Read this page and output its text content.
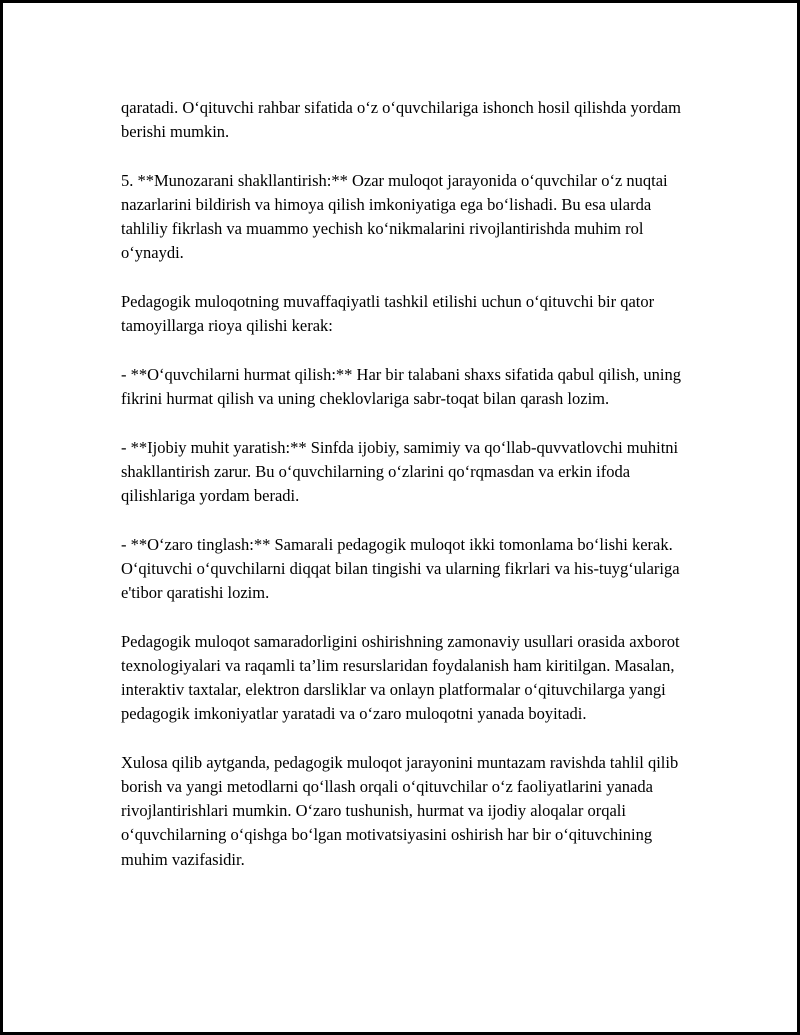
qaratadi. O‘qituvchi rahbar sifatida o‘z o‘quvchilariga ishonch hosil qilishda yordam berishi mumkin.

5. **Munozarani shakllantirish:** Ozar muloqot jarayonida o‘quvchilar o‘z nuqtai nazarlarini bildirish va himoya qilish imkoniyatiga ega bo‘lishadi. Bu esa ularda tahliliy fikrlash va muammo yechish ko‘nikmalarini rivojlantirishda muhim rol o‘ynaydi.

Pedagogik muloqotning muvaffaqiyatli tashkil etilishi uchun o‘qituvchi bir qator tamoyillarga rioya qilishi kerak:

- **O‘quvchilarni hurmat qilish:** Har bir talabani shaxs sifatida qabul qilish, uning fikrini hurmat qilish va uning cheklovlariga sabr-toqat bilan qarash lozim.

- **Ijobiy muhit yaratish:** Sinfda ijobiy, samimiy va qo‘llab-quvvatlovchi muhitni shakllantirish zarur. Bu o‘quvchilarning o‘zlarini qo‘rqmasdan va erkin ifoda qilishlariga yordam beradi.

- **O‘zaro tinglash:** Samarali pedagogik muloqot ikki tomonlama bo‘lishi kerak. O‘qituvchi o‘quvchilarni diqqat bilan tingishi va ularning fikrlari va his-tuyg‘ulariga e'tibor qaratishi lozim.

Pedagogik muloqot samaradorligini oshirishning zamonaviy usullari orasida axborot texnologiyalari va raqamli ta’lim resurslaridan foydalanish ham kiritilgan. Masalan, interaktiv taxtalar, elektron darsliklar va onlayn platformalar o‘qituvchilarga yangi pedagogik imkoniyatlar yaratadi va o‘zaro muloqotni yanada boyitadi.

Xulosa qilib aytganda, pedagogik muloqot jarayonini muntazam ravishda tahlil qilib borish va yangi metodlarni qo‘llash orqali o‘qituvchilar o‘z faoliyatlarini yanada rivojlantirishlari mumkin. O‘zaro tushunish, hurmat va ijodiy aloqalar orqali o‘quvchilarning o‘qishga bo‘lgan motivatsiyasini oshirish har bir o‘qituvchining muhim vazifasidir.
